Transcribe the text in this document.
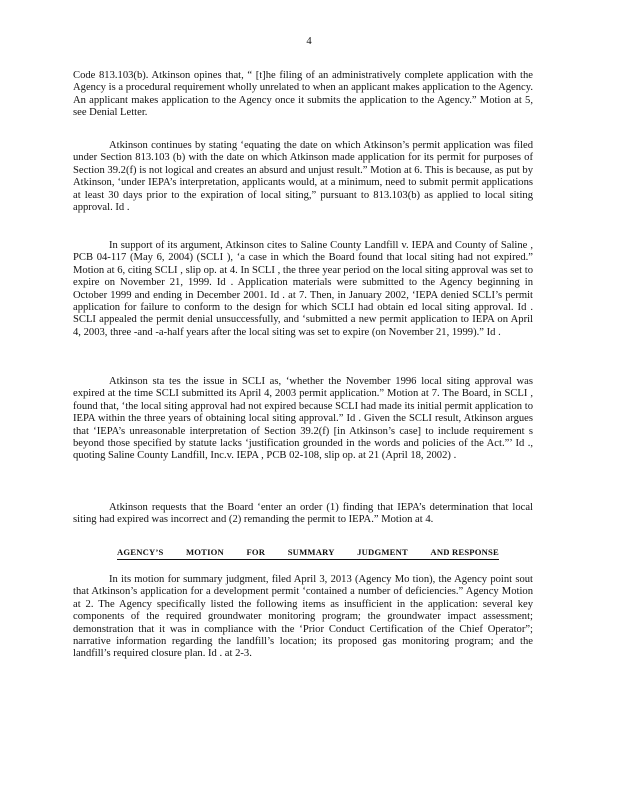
4

Code 813.103(b). Atkinson opines that, “ [t]he filing of an administratively complete application with the Agency is a procedural requirement wholly unrelated to when an applicant makes application to the Agency. An applicant makes application to the Agency once it submits the application to the Agency.” Motion at 5, see Denial Letter.

Atkinson continues by stating ‘equating the date on which Atkinson’s permit application was filed under Section 813.103 (b) with the date on which Atkinson made application for its permit for purposes of Section 39.2(f) is not logical and creates an absurd and unjust result.” Motion at 6. This is because, as put by Atkinson, ‘under IEPA’s interpretation, applicants would, at a minimum, need to submit permit applications at least 30 days prior to the expiration of local siting,” pursuant to 813.103(b) as applied to local siting approval. Id .

In support of its argument, Atkinson cites to Saline County Landfill v. IEPA and County of Saline , PCB 04-117 (May 6, 2004) (SCLI ), ‘a case in which the Board found that local siting had not expired.” Motion at 6, citing SCLI , slip op. at 4. In SCLI , the three year period on the local siting approval was set to expire on November 21, 1999. Id . Application materials were submitted to the Agency beginning in October 1999 and ending in December 2001. Id . at 7. Then, in January 2002, ‘IEPA denied SCLI’s permit application for failure to conform to the design for which SCLI had obtain ed local siting approval. Id . SCLI appealed the permit denial unsuccessfully, and ‘submitted a new permit application to IEPA on April 4, 2003, three -and -a-half years after the local siting was set to expire (on November 21, 1999).” Id .

Atkinson sta tes the issue in SCLI as, ‘whether the November 1996 local siting approval was expired at the time SCLI submitted its April 4, 2003 permit application.” Motion at 7. The Board, in SCLI , found that, ‘the local siting approval had not expired because SCLI had made its initial permit application to IEPA within the three years of obtaining local siting approval.” Id . Given the SCLI result, Atkinson argues that ‘IEPA’s unreasonable interpretation of Section 39.2(f) [in Atkinson’s case] to include requirement s beyond those specified by statute lacks ‘justification grounded in the words and policies of the Act.”’ Id ., quoting Saline County Landfill, Inc.v. IEPA , PCB 02-108, slip op. at 21 (April 18, 2002) .

Atkinson requests that the Board ‘enter an order (1) finding that IEPA’s determination that local siting had expired was incorrect and (2) remanding the permit to IEPA.” Motion at 4.

AGENCY’S	MOTION	FOR	SUMMARY	JUDGMENT	AND RESPONSE

In its motion for summary judgment, filed April 3, 2013 (Agency Mo tion), the Agency point sout that Atkinson’s application for a development permit ‘contained a number of deficiencies.” Agency Motion at 2. The Agency specifically listed the following items as insufficient in the application: several key components of the required groundwater monitoring program; the groundwater impact assessment; demonstration that it was in compliance with the ‘Prior Conduct Certification of the Chief Operator”; narrative information regarding the landfill’s location; its proposed gas monitoring program; and the landfill’s required closure plan. Id . at 2-3.
